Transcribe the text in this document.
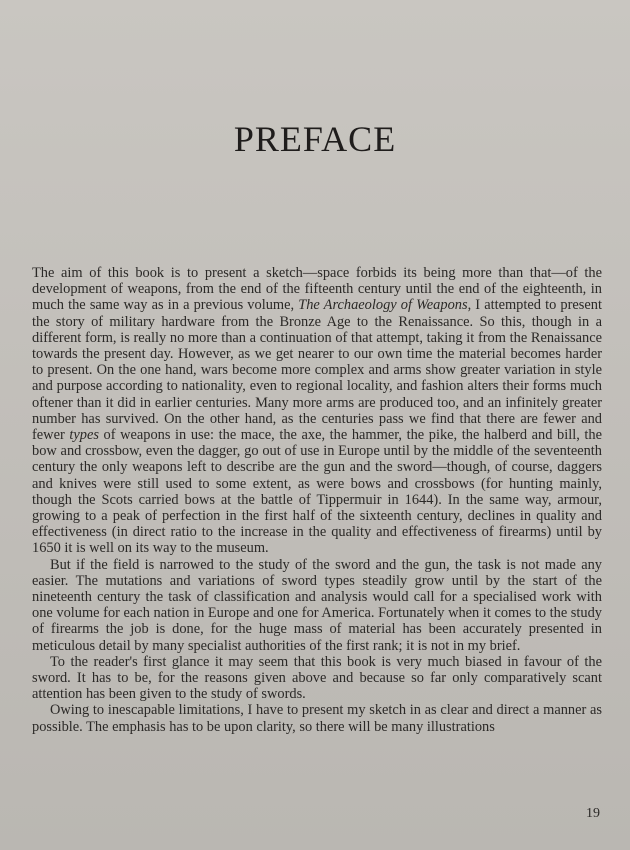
PREFACE

The aim of this book is to present a sketch—space forbids its being more than that—of the development of weapons, from the end of the fifteenth century until the end of the eighteenth, in much the same way as in a previous volume, The Archaeology of Weapons, I attempted to present the story of military hardware from the Bronze Age to the Renaissance. So this, though in a different form, is really no more than a continuation of that attempt, taking it from the Renaissance towards the present day. However, as we get nearer to our own time the material becomes harder to present. On the one hand, wars become more complex and arms show greater variation in style and purpose according to nationality, even to regional locality, and fashion alters their forms much oftener than it did in earlier centuries. Many more arms are produced too, and an infinitely greater number has survived. On the other hand, as the centuries pass we find that there are fewer and fewer types of weapons in use: the mace, the axe, the hammer, the pike, the halberd and bill, the bow and crossbow, even the dagger, go out of use in Europe until by the middle of the seventeenth century the only weapons left to describe are the gun and the sword—though, of course, daggers and knives were still used to some extent, as were bows and crossbows (for hunting mainly, though the Scots carried bows at the battle of Tippermuir in 1644). In the same way, armour, growing to a peak of perfection in the first half of the sixteenth century, declines in quality and effectiveness (in direct ratio to the increase in the quality and effectiveness of firearms) until by 1650 it is well on its way to the museum.

But if the field is narrowed to the study of the sword and the gun, the task is not made any easier. The mutations and variations of sword types steadily grow until by the start of the nineteenth century the task of classification and analysis would call for a specialised work with one volume for each nation in Europe and one for America. Fortunately when it comes to the study of firearms the job is done, for the huge mass of material has been accurately presented in meticulous detail by many specialist authorities of the first rank; it is not in my brief.

To the reader's first glance it may seem that this book is very much biased in favour of the sword. It has to be, for the reasons given above and because so far only comparatively scant attention has been given to the study of swords.

Owing to inescapable limitations, I have to present my sketch in as clear and direct a manner as possible. The emphasis has to be upon clarity, so there will be many illustrations

19
